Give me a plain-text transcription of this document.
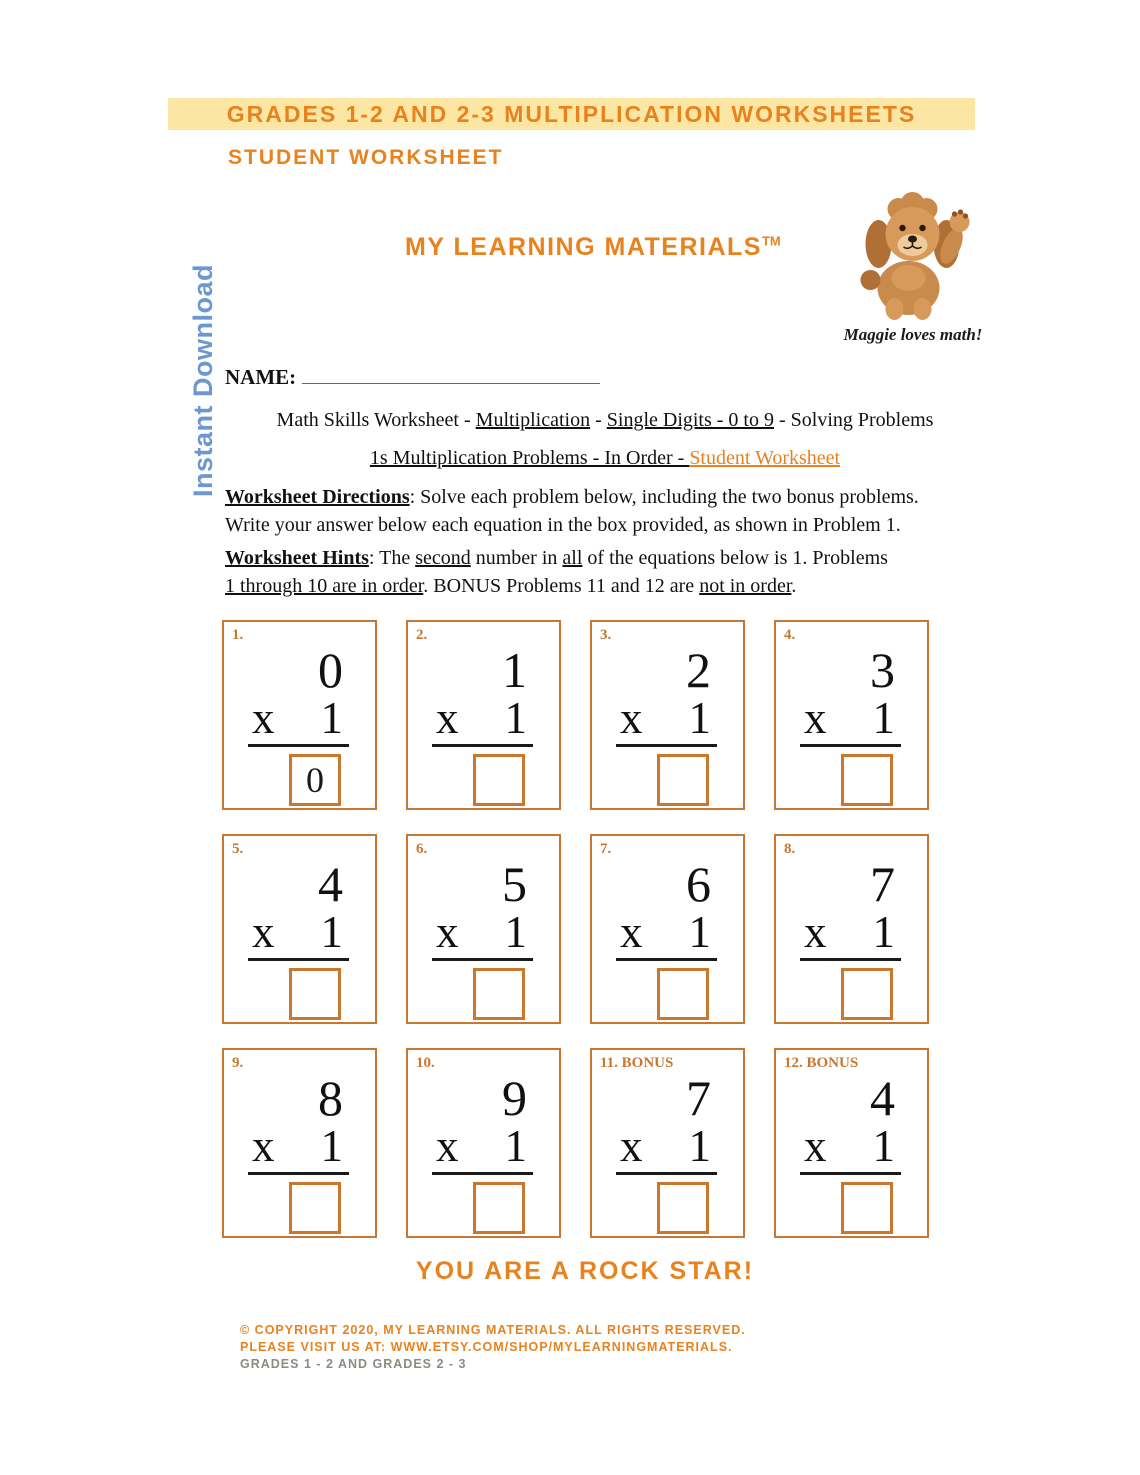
GRADES 1-2 AND 2-3 MULTIPLICATION WORKSHEETS
STUDENT WORKSHEET
Instant Download
MY LEARNING MATERIALS™
Maggie loves math!
NAME:
Math Skills Worksheet - Multiplication - Single Digits - 0 to 9 - Solving Problems
1s Multiplication Problems - In Order - Student Worksheet
Worksheet Directions: Solve each problem below, including the two bonus problems.
Write your answer below each equation in the box provided, as shown in Problem 1.
Worksheet Hints: The second number in all of the equations below is 1. Problems
1 through 10 are in order. BONUS Problems 11 and 12 are not in order.
1.
0
x 1
0
2.
1
x 1
3.
2
x 1
4.
3
x 1
5.
4
x 1
6.
5
x 1
7.
6
x 1
8.
7
x 1
9.
8
x 1
10.
9
x 1
11. BONUS
7
x 1
12. BONUS
4
x 1
YOU ARE A ROCK STAR!
© COPYRIGHT 2020, MY LEARNING MATERIALS. ALL RIGHTS RESERVED.
PLEASE VISIT US AT: WWW.ETSY.COM/SHOP/MYLEARNINGMATERIALS.
GRADES 1 - 2 AND GRADES 2 - 3
